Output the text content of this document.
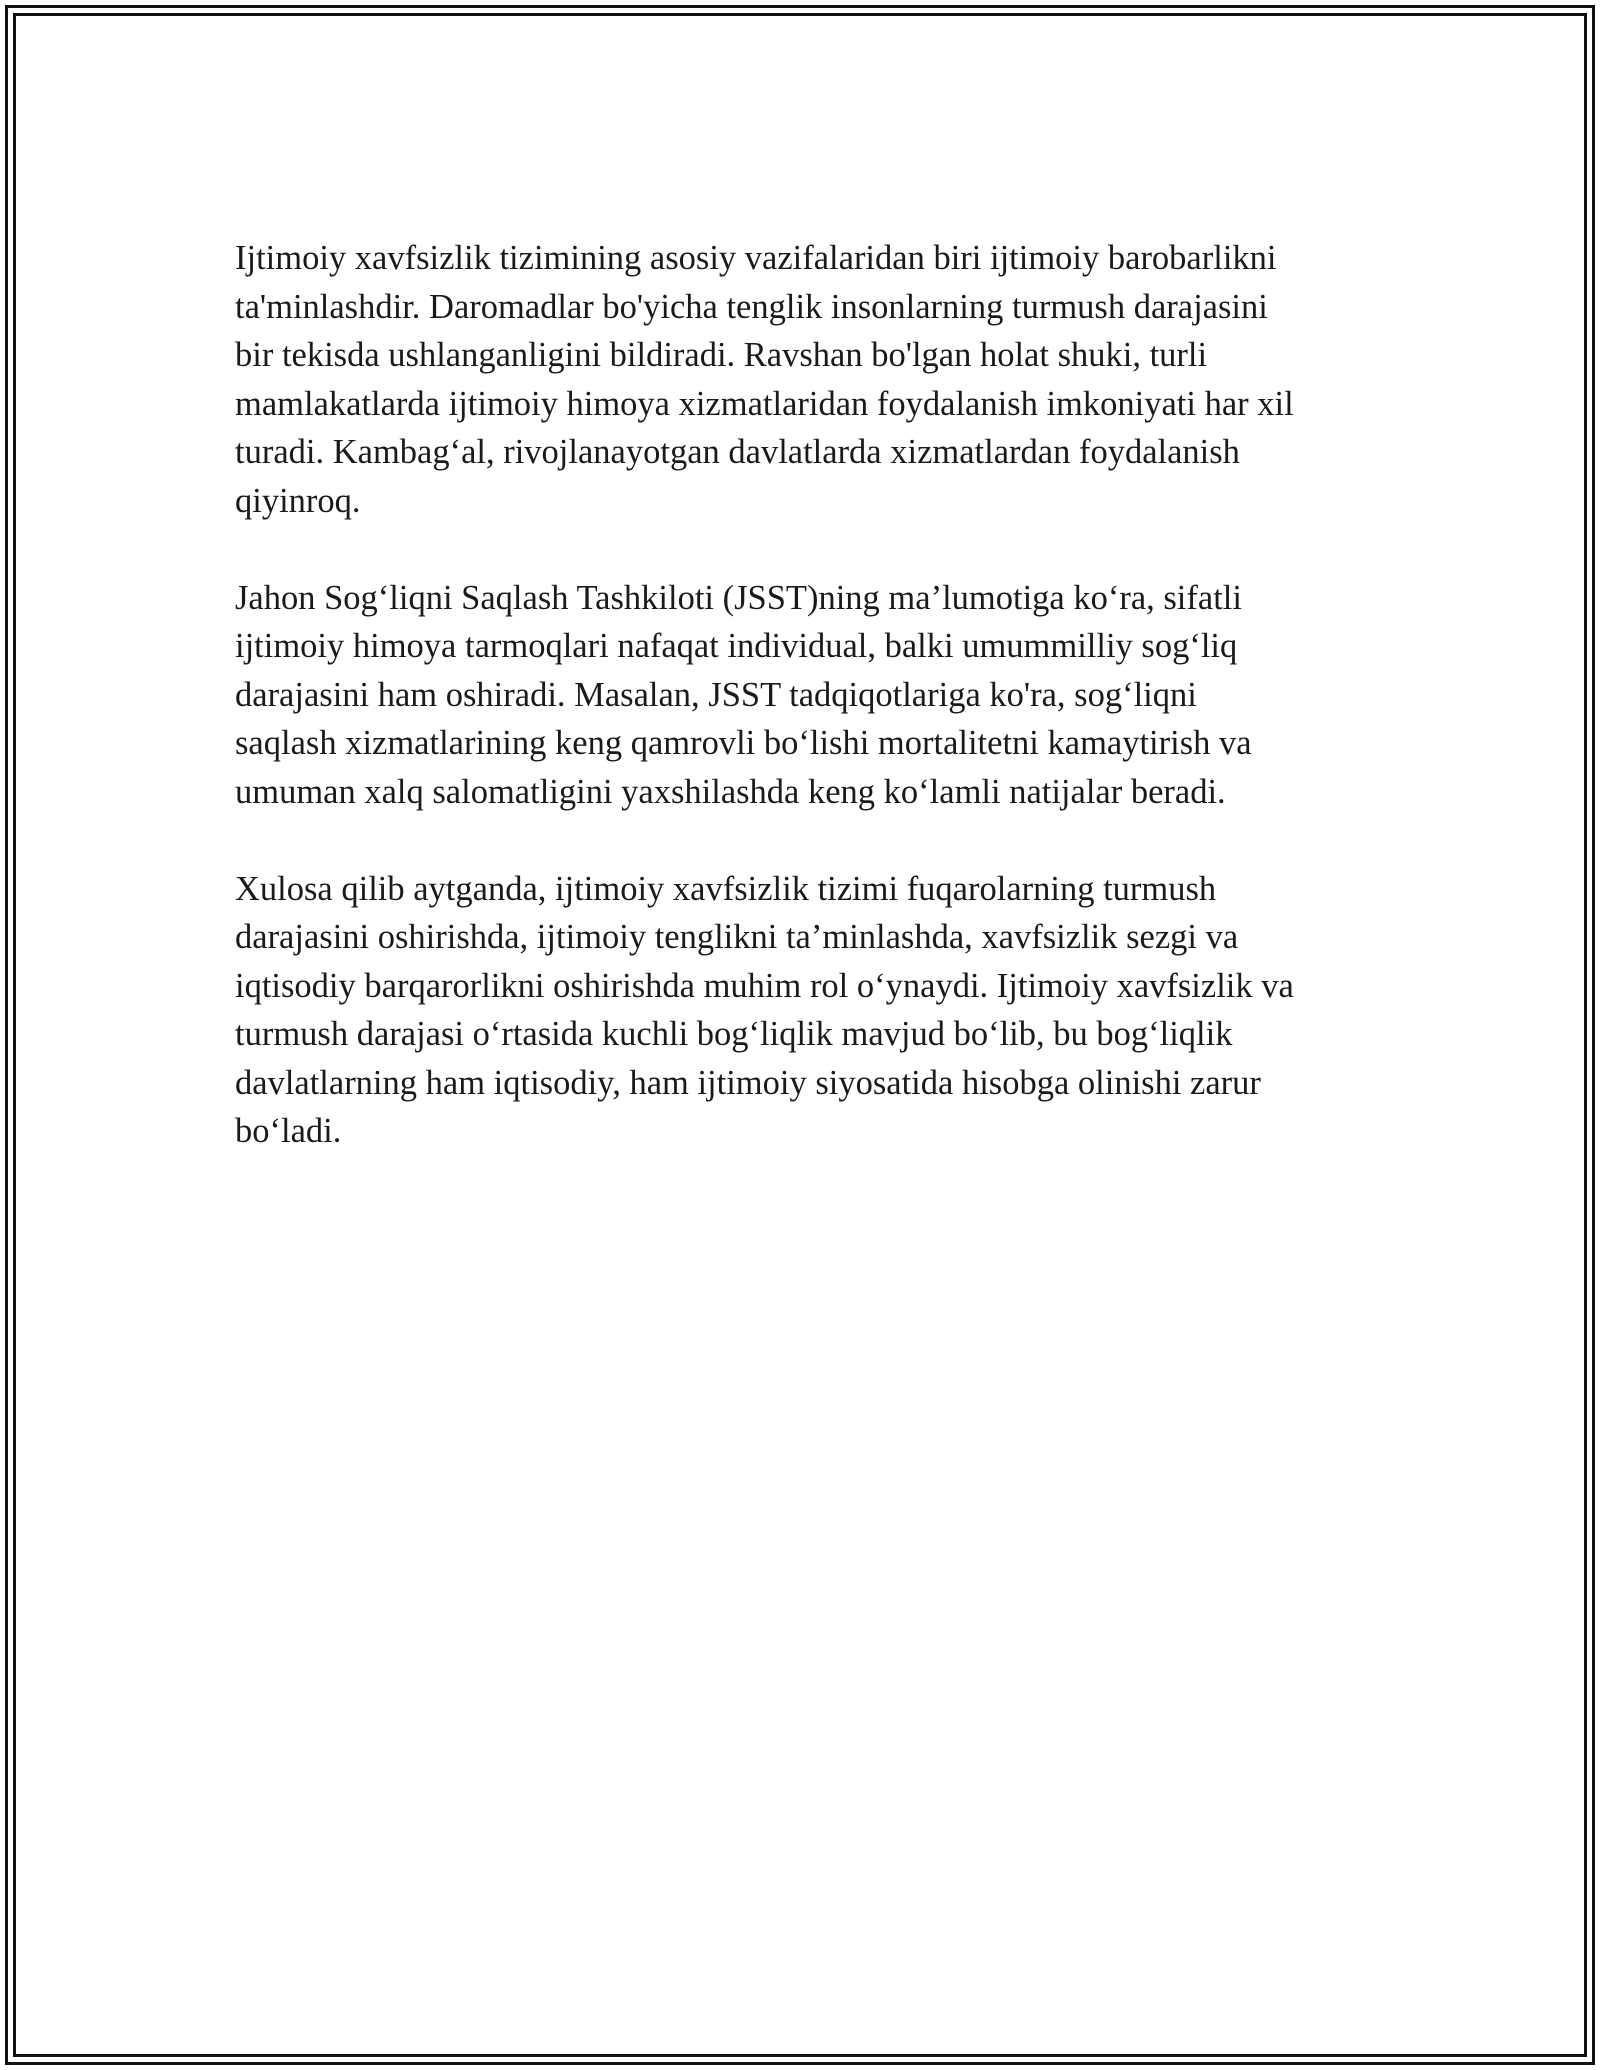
Ijtimoiy xavfsizlik tizimining asosiy vazifalaridan biri ijtimoiy barobarlikni
ta'minlashdir. Daromadlar bo'yicha tenglik insonlarning turmush darajasini
bir tekisda ushlanganligini bildiradi. Ravshan bo'lgan holat shuki, turli
mamlakatlarda ijtimoiy himoya xizmatlaridan foydalanish imkoniyati har xil
turadi. Kambag‘al, rivojlanayotgan davlatlarda xizmatlardan foydalanish
qiyinroq.

Jahon Sog‘liqni Saqlash Tashkiloti (JSST)ning ma’lumotiga ko‘ra, sifatli
ijtimoiy himoya tarmoqlari nafaqat individual, balki umummilliy sog‘liq
darajasini ham oshiradi. Masalan, JSST tadqiqotlariga ko'ra, sog‘liqni
saqlash xizmatlarining keng qamrovli bo‘lishi mortalitetni kamaytirish va
umuman xalq salomatligini yaxshilashda keng ko‘lamli natijalar beradi.

Xulosa qilib aytganda, ijtimoiy xavfsizlik tizimi fuqarolarning turmush
darajasini oshirishda, ijtimoiy tenglikni ta’minlashda, xavfsizlik sezgi va
iqtisodiy barqarorlikni oshirishda muhim rol o‘ynaydi. Ijtimoiy xavfsizlik va
turmush darajasi o‘rtasida kuchli bog‘liqlik mavjud bo‘lib, bu bog‘liqlik
davlatlarning ham iqtisodiy, ham ijtimoiy siyosatida hisobga olinishi zarur
bo‘ladi.
